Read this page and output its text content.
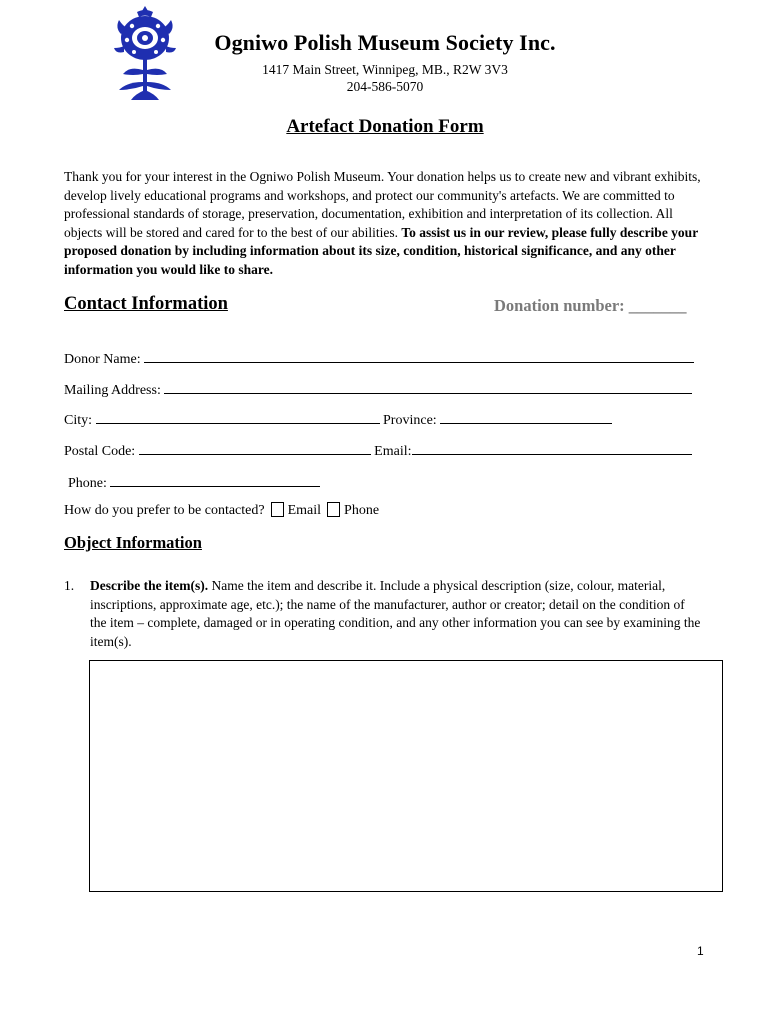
Ogniwo Polish Museum Society Inc.
1417 Main Street, Winnipeg, MB., R2W 3V3
204-586-5070
Artefact Donation Form
Thank you for your interest in the Ogniwo Polish Museum. Your donation helps us to create new and vibrant exhibits, develop lively educational programs and workshops, and protect our community's artefacts. We are committed to professional standards of storage, preservation, documentation, exhibition and interpretation of its collection. All objects will be stored and cared for to the best of our abilities. To assist us in our review, please fully describe your proposed donation by including information about its size, condition, historical significance, and any other information you would like to share.
Contact Information	Donation number: _______
Donor Name:
Mailing Address:
City:	Province:
Postal Code:	Email:
Phone:
How do you prefer to be contacted? Email Phone
Object Information
1. Describe the item(s). Name the item and describe it. Include a physical description (size, colour, material, inscriptions, approximate age, etc.); the name of the manufacturer, author or creator; detail on the condition of the item – complete, damaged or in operating condition, and any other information you can see by examining the item(s).
1
